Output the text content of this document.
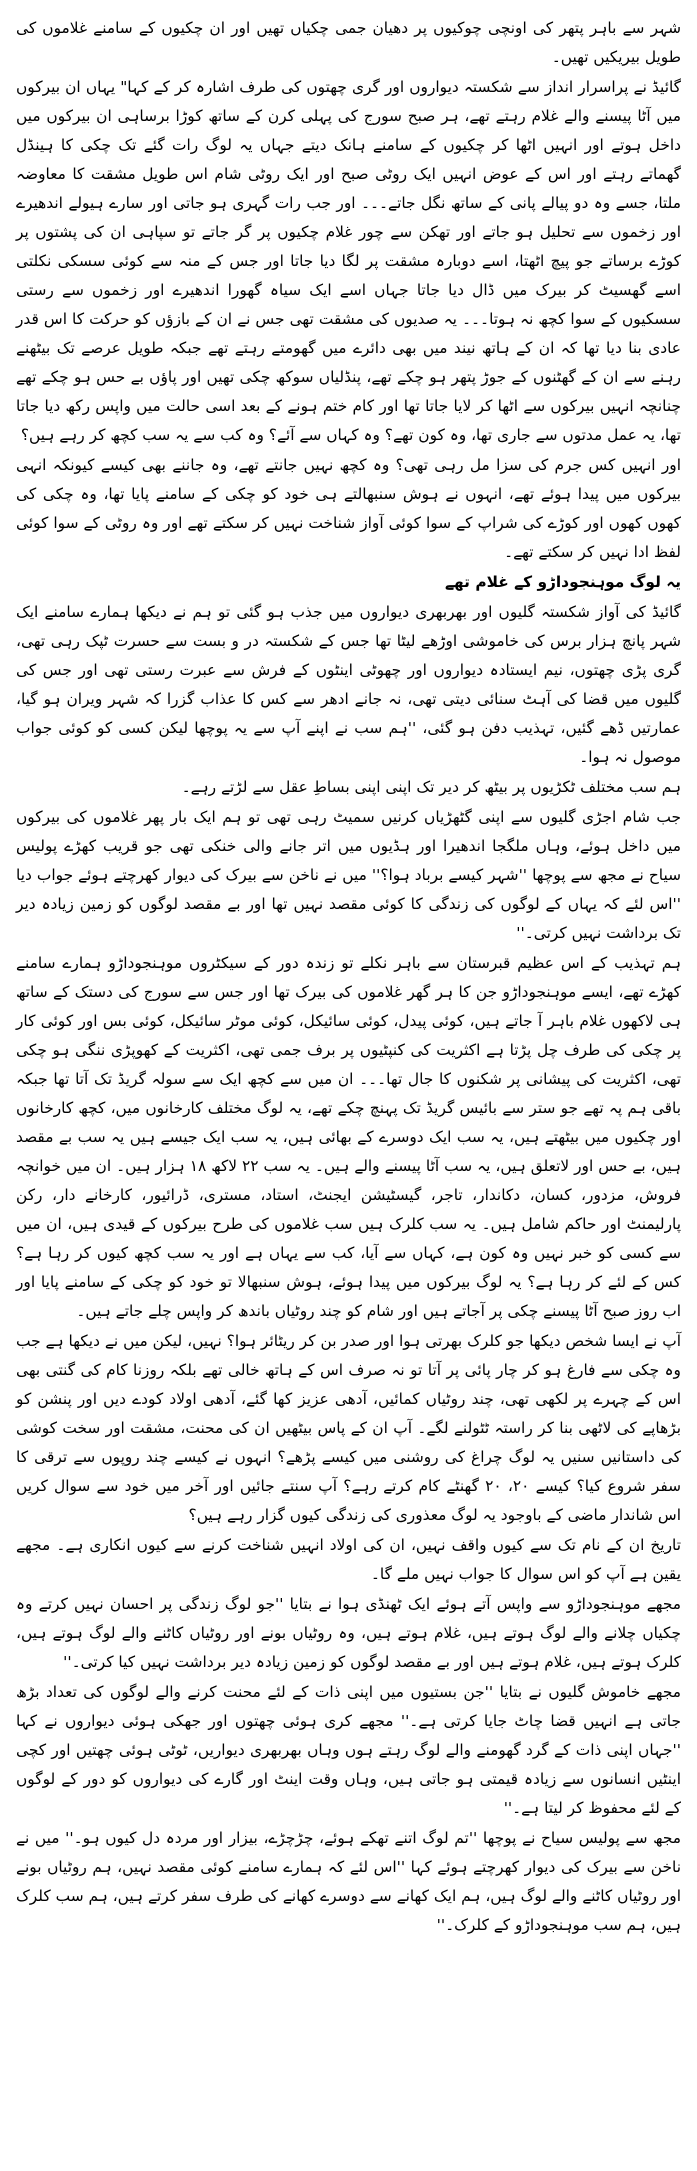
شہر سے باہر پتھر کی اونچی چوکیوں پر دھیان جمی چکیاں تھیں اور ان چکیوں کے سامنے غلاموں کی طویل بیریکیں تھیں۔

گائیڈ نے پراسرار انداز سے شکستہ دیواروں اور گری چھتوں کی طرف اشارہ کر کے کہا" یہاں ان بیرکوں میں آٹا پیسنے والے غلام رہتے تھے، ہر صبح سورج کی پہلی کرن کے ساتھ کوڑا برساہی ان بیرکوں میں داخل ہوتے اور انہیں اٹھا کر چکیوں کے سامنے ہانک دیتے جہاں یہ لوگ رات گئے تک چکی کا ہینڈل گھماتے رہتے اور اس کے عوض انہیں ایک روٹی صبح اور ایک روٹی شام اس طویل مشقت کا معاوضہ ملتا، جسے وہ دو پیالے پانی کے ساتھ نگل جاتے۔۔۔ اور جب رات گہری ہو جاتی اور سارے ہیولے اندھیرے اور زخموں سے تحلیل ہو جاتے اور تھکن سے چور غلام چکیوں پر گر جاتے تو سپاہی ان کی پشتوں پر کوڑے برساتے جو پیچ اٹھتا، اسے دوبارہ مشقت پر لگا دیا جاتا اور جس کے منہ سے کوئی سسکی نکلتی اسے گھسیٹ کر بیرک میں ڈال دیا جاتا جہاں اسے ایک سیاہ گھورا اندھیرے اور زخموں سے رستی سسکیوں کے سوا کچھ نہ ہوتا۔۔۔ یہ صدیوں کی مشقت تھی جس نے ان کے بازؤں کو حرکت کا اس قدر عادی بنا دیا تھا کہ ان کے ہاتھ نیند میں بھی دائرے میں گھومتے رہتے تھے جبکہ طویل عرصے تک بیٹھنے رہنے سے ان کے گھٹنوں کے جوڑ پتھر ہو چکے تھے، پنڈلیاں سوکھ چکی تھیں اور پاؤں بے حس ہو چکے تھے چنانچہ انہیں بیرکوں سے اٹھا کر لایا جاتا تھا اور کام ختم ہونے کے بعد اسی حالت میں واپس رکھ دیا جاتا تھا، یہ عمل مدتوں سے جاری تھا، وہ کون تھے؟ وہ کہاں سے آئے؟ وہ کب سے یہ سب کچھ کر رہے ہیں؟

اور انہیں کس جرم کی سزا مل رہی تھی؟ وہ کچھ نہیں جانتے تھے، وہ جاننے بھی کیسے کیونکہ انہی بیرکوں میں پیدا ہوئے تھے، انہوں نے ہوش سنبھالتے ہی خود کو چکی کے سامنے پایا تھا، وہ چکی کی کھوں کھوں اور کوڑے کی شراپ کے سوا کوئی آواز شناخت نہیں کر سکتے تھے اور وہ روٹی کے سوا کوئی لفظ ادا نہیں کر سکتے تھے۔

یہ لوگ موہنجوداڑو کے غلام تھے

گائیڈ کی آواز شکستہ گلیوں اور بھربھری دیواروں میں جذب ہو گئی تو ہم نے دیکھا ہمارے سامنے ایک شہر پانچ ہزار برس کی خاموشی اوڑھے لیٹا تھا جس کے شکستہ در و بست سے حسرت ٹپک رہی تھی، گری پڑی چھتوں، نیم ایستادہ دیواروں اور چھوٹی اینٹوں کے فرش سے عبرت رستی تھی اور جس کی گلیوں میں قضا کی آہٹ سنائی دیتی تھی، نہ جانے ادھر سے کس کا عذاب گزرا کہ شہر ویران ہو گیا، عمارتیں ڈھے گئیں، تہذیب دفن ہو گئی، ''ہم سب نے اپنے آپ سے یہ پوچھا لیکن کسی کو کوئی جواب موصول نہ ہوا۔

ہم سب مختلف ٹکڑیوں پر بیٹھ کر دیر تک اپنی اپنی بساطِ عقل سے لڑتے رہے۔

جب شام اجڑی گلیوں سے اپنی گٹھڑیاں کرنیں سمیٹ رہی تھی تو ہم ایک بار پھر غلاموں کی بیرکوں میں داخل ہوئے، وہاں ملگجا اندھیرا اور ہڈیوں میں اتر جانے والی خنکی تھی جو قریب کھڑے پولیس سیاح نے مجھ سے پوچھا ''شہر کیسے برباد ہوا؟'' میں نے ناخن سے بیرک کی دیوار کھرچتے ہوئے جواب دیا ''اس لئے کہ یہاں کے لوگوں کی زندگی کا کوئی مقصد نہیں تھا اور بے مقصد لوگوں کو زمین زیادہ دیر تک برداشت نہیں کرتی۔''

ہم تہذیب کے اس عظیم قبرستان سے باہر نکلے تو زندہ دور کے سیکٹروں موہنجوداڑو ہمارے سامنے کھڑے تھے، ایسے موہنجوداڑو جن کا ہر گھر غلاموں کی بیرک تھا اور جس سے سورج کی دستک کے ساتھ ہی لاکھوں غلام باہر آ جاتے ہیں، کوئی پیدل، کوئی سائیکل، کوئی موٹر سائیکل، کوئی بس اور کوئی کار پر چکی کی طرف چل پڑتا ہے اکثریت کی کنپٹیوں پر برف جمی تھی، اکثریت کے کھوپڑی ننگی ہو چکی تھی، اکثریت کی پیشانی پر شکنوں کا جال تھا۔۔۔ ان میں سے کچھ ایک سے سولہ گریڈ تک آتا تھا جبکہ باقی ہم پہ تھے جو ستر سے بائیس گریڈ تک پہنچ چکے تھے، یہ لوگ مختلف کارخانوں میں، کچھ کارخانوں اور چکیوں میں بیٹھتے ہیں، یہ سب ایک دوسرے کے بھائی ہیں، یہ سب ایک جیسے ہیں یہ سب بے مقصد ہیں، بے حس اور لاتعلق ہیں، یہ سب آٹا پیسنے والے ہیں۔ یہ سب ۲۲ لاکھ ۱۸ ہزار ہیں۔ ان میں خوانچہ فروش، مزدور، کسان، دکاندار، تاجر، گیسٹیشن ایجنٹ، استاد، مستری، ڈرائیور، کارخانے دار، رکن پارلیمنٹ اور حاکم شامل ہیں۔ یہ سب کلرک ہیں سب غلاموں کی طرح بیرکوں کے قیدی ہیں، ان میں سے کسی کو خبر نہیں وہ کون ہے، کہاں سے آیا، کب سے یہاں ہے اور یہ سب کچھ کیوں کر رہا ہے؟ کس کے لئے کر رہا ہے؟ یہ لوگ بیرکوں میں پیدا ہوئے، ہوش سنبھالا تو خود کو چکی کے سامنے پایا اور اب روز صبح آٹا پیسنے چکی پر آجاتے ہیں اور شام کو چند روٹیاں باندھ کر واپس چلے جاتے ہیں۔

آپ نے ایسا شخص دیکھا جو کلرک بھرتی ہوا اور صدر بن کر ریٹائر ہوا؟ نہیں، لیکن میں نے دیکھا ہے جب وہ چکی سے فارغ ہو کر چار پائی پر آتا تو نہ صرف اس کے ہاتھ خالی تھے بلکہ روزنا کام کی گنتی بھی اس کے چہرے پر لکھی تھی، چند روٹیاں کمائیں، آدھی عزیز کھا گئے، آدھی اولاد کودے دیں اور پنشن کو بڑھاپے کی لاٹھی بنا کر راستہ ٹٹولنے لگے۔ آپ ان کے پاس بیٹھیں ان کی محنت، مشقت اور سخت کوشی کی داستانیں سنیں یہ لوگ چراغ کی روشنی میں کیسے پڑھے؟ انہوں نے کیسے چند روپوں سے ترقی کا سفر شروع کیا؟ کیسے ۲۰، ۲۰ گھنٹے کام کرتے رہے؟ آپ سنتے جائیں اور آخر میں خود سے سوال کریں اس شاندار ماضی کے باوجود یہ لوگ معذوری کی زندگی کیوں گزار رہے ہیں؟

تاریخ ان کے نام تک سے کیوں واقف نہیں، ان کی اولاد انہیں شناخت کرنے سے کیوں انکاری ہے۔ مجھے یقین ہے آپ کو اس سوال کا جواب نہیں ملے گا۔

مجھے موہنجوداڑو سے واپس آتے ہوئے ایک ٹھنڈی ہوا نے بتایا ''جو لوگ زندگی پر احسان نہیں کرتے وہ چکیاں چلانے والے لوگ ہوتے ہیں، غلام ہوتے ہیں، وہ روٹیاں بونے اور روٹیاں کاٹنے والے لوگ ہوتے ہیں، کلرک ہوتے ہیں، غلام ہوتے ہیں اور بے مقصد لوگوں کو زمین زیادہ دیر برداشت نہیں کیا کرتی۔''

مجھے خاموش گلیوں نے بتایا ''جن بستیوں میں اپنی ذات کے لئے محنت کرنے والے لوگوں کی تعداد بڑھ جاتی ہے انہیں قضا چاٹ جایا کرتی ہے۔'' مجھے کری ہوئی چھتوں اور جھکی ہوئی دیواروں نے کہا ''جہاں اپنی ذات کے گرد گھومنے والے لوگ رہتے ہوں وہاں بھربھری دیواریں، ٹوٹی ہوئی چھتیں اور کچی اینٹیں انسانوں سے زیادہ قیمتی ہو جاتی ہیں، وہاں وقت اینٹ اور گارے کی دیواروں کو دور کے لوگوں کے لئے محفوظ کر لیتا ہے۔''

مجھ سے پولیس سیاح نے پوچھا ''تم لوگ اتنے تھکے ہوئے، چڑچڑے، بیزار اور مردہ دل کیوں ہو۔'' میں نے ناخن سے بیرک کی دیوار کھرچتے ہوئے کہا ''اس لئے کہ ہمارے سامنے کوئی مقصد نہیں، ہم روٹیاں بونے اور روٹیاں کاٹنے والے لوگ ہیں، ہم ایک کھانے سے دوسرے کھانے کی طرف سفر کرتے ہیں، ہم سب کلرک ہیں، ہم سب موہنجوداڑو کے کلرک۔''
